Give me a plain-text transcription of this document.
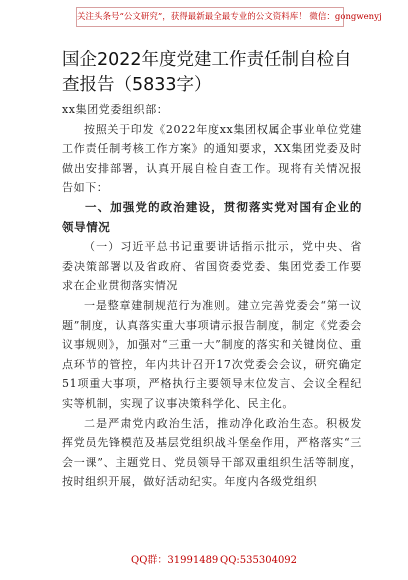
关注头条号“公文研究”，获得最新最全最专业的公文资料库！ 微信：gongwenyj
国企2022年度党建工作责任制自检自查报告（5833字）

xx集团党委组织部：

按照关于印发《2022年度xx集团权属企事业单位党建工作责任制考核工作方案》的通知要求，XX集团党委及时做出安排部署，认真开展自检自查工作。现将有关情况报告如下：

一、加强党的政治建设，贯彻落实党对国有企业的领导情况

（一）习近平总书记重要讲话指示批示，党中央、省委决策部署以及省政府、省国资委党委、集团党委工作要求在企业贯彻落实情况

一是整章建制规范行为准则。建立完善党委会“第一议题”制度，认真落实重大事项请示报告制度，制定《党委会议事规则》，加强对“三重一大”制度的落实和关键岗位、重点环节的管控，年内共计召开17次党委会会议，研究确定51项重大事项，严格执行主要领导末位发言、会议全程纪实等机制，实现了议事决策科学化、民主化。

二是严肃党内政治生活，推动净化政治生态。积极发挥党员先锋模范及基层党组织战斗堡垒作用，严格落实“三会一课”、主题党日、党员领导干部双重组织生活等制度，按时组织开展，做好活动纪实。年度内各级党组织

QQ群：31991489 QQ:535304092
